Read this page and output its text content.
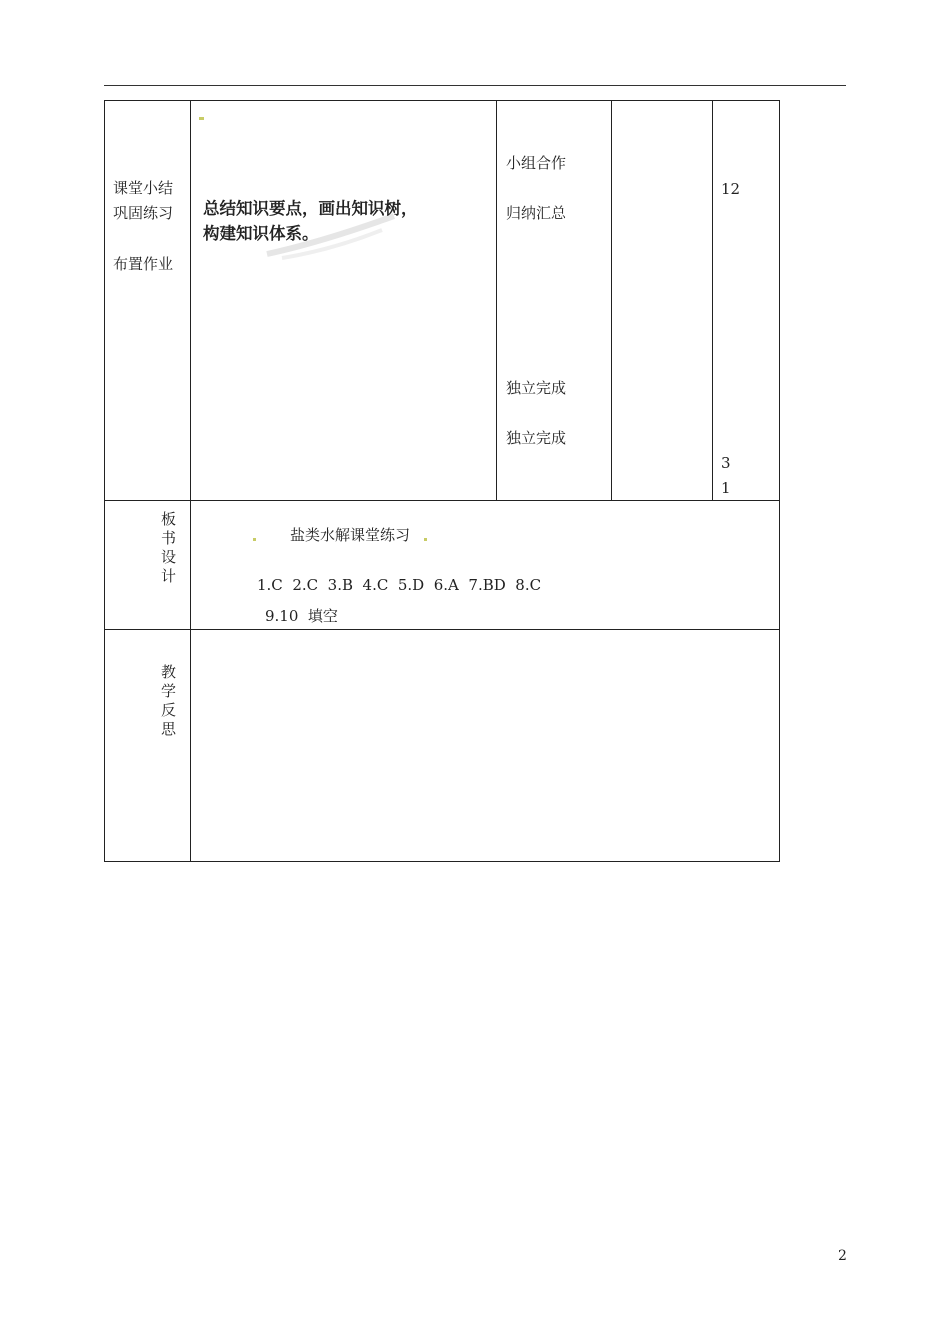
课堂小结
巩固练习
布置作业
总结知识要点，画出知识树，
构建知识体系。
小组合作
归纳汇总
独立完成
独立完成
12
3
1
板书设计
盐类水解课堂练习
1.C  2.C  3.B  4.C  5.D  6.A  7.BD  8.C
9.10  填空
教学反思
2
